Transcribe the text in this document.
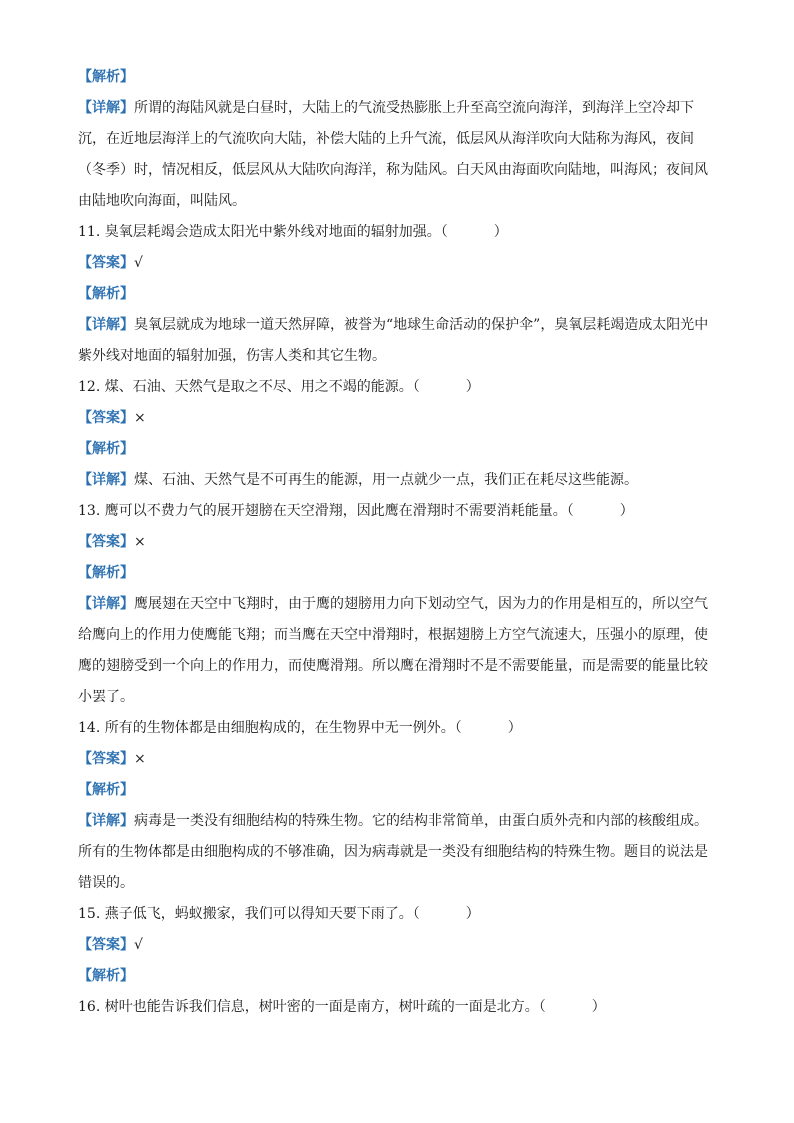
【解析】
【详解】所谓的海陆风就是白昼时，大陆上的气流受热膨胀上升至高空流向海洋，到海洋上空冷却下沉，在近地层海洋上的气流吹向大陆，补偿大陆的上升气流，低层风从海洋吹向大陆称为海风，夜间（冬季）时，情况相反，低层风从大陆吹向海洋，称为陆风。白天风由海面吹向陆地，叫海风；夜间风由陆地吹向海面，叫陆风。
11. 臭氧层耗竭会造成太阳光中紫外线对地面的辐射加强。（	）
【答案】√
【解析】
【详解】臭氧层就成为地球一道天然屏障，被誉为“地球生命活动的保护伞”，臭氧层耗竭造成太阳光中紫外线对地面的辐射加强，伤害人类和其它生物。
12. 煤、石油、天然气是取之不尽、用之不竭的能源。（	）
【答案】×
【解析】
【详解】煤、石油、天然气是不可再生的能源，用一点就少一点，我们正在耗尽这些能源。
13. 鹰可以不费力气的展开翅膀在天空滑翔，因此鹰在滑翔时不需要消耗能量。（	）
【答案】×
【解析】
【详解】鹰展翅在天空中飞翔时，由于鹰的翅膀用力向下划动空气，因为力的作用是相互的，所以空气给鹰向上的作用力使鹰能飞翔；而当鹰在天空中滑翔时，根据翅膀上方空气流速大，压强小的原理，使鹰的翅膀受到一个向上的作用力，而使鹰滑翔。所以鹰在滑翔时不是不需要能量，而是需要的能量比较小罢了。
14. 所有的生物体都是由细胞构成的，在生物界中无一例外。（	）
【答案】×
【解析】
【详解】病毒是一类没有细胞结构的特殊生物。它的结构非常简单，由蛋白质外壳和内部的核酸组成。所有的生物体都是由细胞构成的不够准确，因为病毒就是一类没有细胞结构的特殊生物。题目的说法是错误的。
15. 燕子低飞，蚂蚁搬家，我们可以得知天要下雨了。（	）
【答案】√
【解析】
16. 树叶也能告诉我们信息，树叶密的一面是南方，树叶疏的一面是北方。（	）
